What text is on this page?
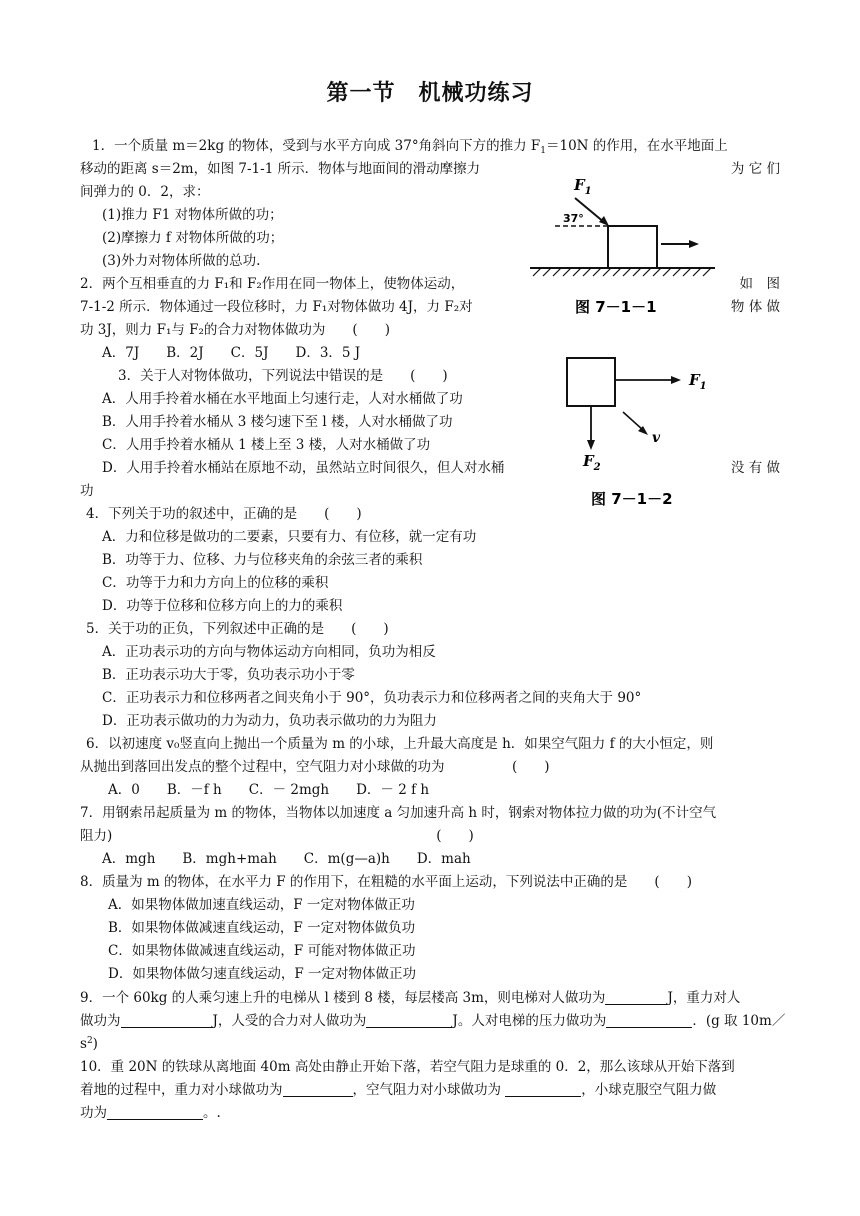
第一节　机械功练习
1．一个质量 m＝2kg 的物体，受到与水平方向成 37°角斜向下方的推力 $F_1=10N$ 的作用，在水平地面上
移动的距离 s＝2m，如图 7-1-1 所示．物体与地面间的滑动摩擦力	为 它 们
间弹力的 0．2，求：
(1)推力 F1 对物体所做的功；
(2)摩擦力 f 对物体所做的功；
(3)外力对物体所做的总功.
2．两个互相垂直的力 F₁和 F₂作用在同一物体上，使物体运动，	如　图
7-1-2 所示．物体通过一段位移时，力 F₁对物体做功 4J，力 F₂对	物 体 做
功 3J，则力 F₁与 F₂的合力对物体做功为　　(　　)
A．7J　　B．2J　　C．5J　　D．3．5 J
3．关于人对物体做功，下列说法中错误的是　　(　　)
A．人用手拎着水桶在水平地面上匀速行走，人对水桶做了功
B．人用手拎着水桶从 3 楼匀速下至 l 楼，人对水桶做了功
C．人用手拎着水桶从 1 楼上至 3 楼，人对水桶做了功
D．人用手拎着水桶站在原地不动，虽然站立时间很久，但人对水桶	没 有 做
功
4．下列关于功的叙述中，正确的是　　(　　)
A．力和位移是做功的二要素，只要有力、有位移，就一定有功
B．功等于力、位移、力与位移夹角的余弦三者的乘积
C．功等于力和力方向上的位移的乘积
D．功等于位移和位移方向上的力的乘积
5．关于功的正负，下列叙述中正确的是　　(　　)
A．正功表示功的方向与物体运动方向相同，负功为相反
B．正功表示功大于零，负功表示功小于零
C．正功表示力和位移两者之间夹角小于 90°，负功表示力和位移两者之间的夹角大于 90°
D．正功表示做功的力为动力，负功表示做功的力为阻力
6．以初速度 v₀竖直向上抛出一个质量为 m 的小球，上升最大高度是 h．如果空气阻力 f 的大小恒定，则
从抛出到落回出发点的整个过程中，空气阻力对小球做的功为　　　　　(　　)
A．0　　B．－f h　　C．－ 2mgh　　D．－ 2 f h
7．用钢索吊起质量为 m 的物体，当物体以加速度 a 匀加速升高 h 时，钢索对物体拉力做的功为(不计空气
阻力)　　　　　　　　　　　　　　　　　　　　　　　　(　　)
A．mgh　　B．mgh+mah　　C．m(g—a)h　　D．mah
8．质量为 m 的物体，在水平力 F 的作用下，在粗糙的水平面上运动，下列说法中正确的是　　(　　)
A．如果物体做加速直线运动，F 一定对物体做正功
B．如果物体做减速直线运动，F 一定对物体做负功
C．如果物体做减速直线运动，F 可能对物体做正功
D．如果物体做匀速直线运动，F 一定对物体做正功
9．一个 60kg 的人乘匀速上升的电梯从 l 楼到 8 楼，每层楼高 3m，则电梯对人做功为	J，重力对人
做功为	J，人受的合力对人做功为	J。人对电梯的压力做功为	．(g 取 10m／
$s^2$)
10．重 20N 的铁球从离地面 40m 高处由静止开始下落，若空气阻力是球重的 0．2，那么该球从开始下落到
着地的过程中，重力对小球做功为	，空气阻力对小球做功为	，小球克服空气阻力做
功为	。.
$F_1$
37°
图 7－1－1
$F_1$
$F_2$
v
图 7－1－2
